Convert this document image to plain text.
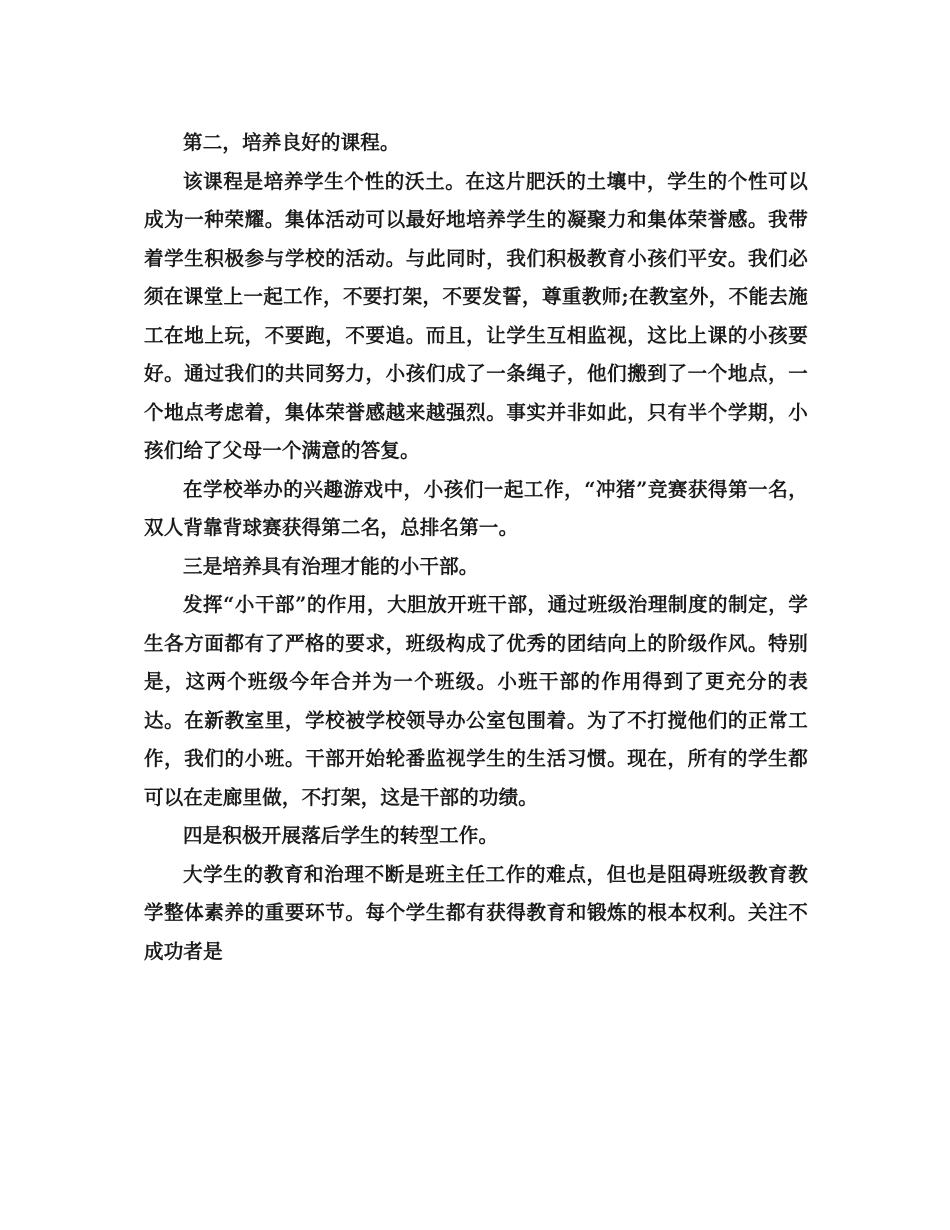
第二，培养良好的课程。

该课程是培养学生个性的沃土。在这片肥沃的土壤中，学生的个性可以成为一种荣耀。集体活动可以最好地培养学生的凝聚力和集体荣誉感。我带着学生积极参与学校的活动。与此同时，我们积极教育小孩们平安。我们必须在课堂上一起工作，不要打架，不要发誓，尊重教师;在教室外，不能去施工在地上玩，不要跑，不要追。而且，让学生互相监视，这比上课的小孩要好。通过我们的共同努力，小孩们成了一条绳子，他们搬到了一个地点，一个地点考虑着，集体荣誉感越来越强烈。事实并非如此，只有半个学期，小孩们给了父母一个满意的答复。

在学校举办的兴趣游戏中，小孩们一起工作，“冲猪”竞赛获得第一名，双人背靠背球赛获得第二名，总排名第一。

三是培养具有治理才能的小干部。

发挥“小干部”的作用，大胆放开班干部，通过班级治理制度的制定，学生各方面都有了严格的要求，班级构成了优秀的团结向上的阶级作风。特别是，这两个班级今年合并为一个班级。小班干部的作用得到了更充分的表达。在新教室里，学校被学校领导办公室包围着。为了不打搅他们的正常工作，我们的小班。干部开始轮番监视学生的生活习惯。现在，所有的学生都可以在走廊里做，不打架，这是干部的功绩。

四是积极开展落后学生的转型工作。

大学生的教育和治理不断是班主任工作的难点，但也是阻碍班级教育教学整体素养的重要环节。每个学生都有获得教育和锻炼的根本权利。关注不成功者是
